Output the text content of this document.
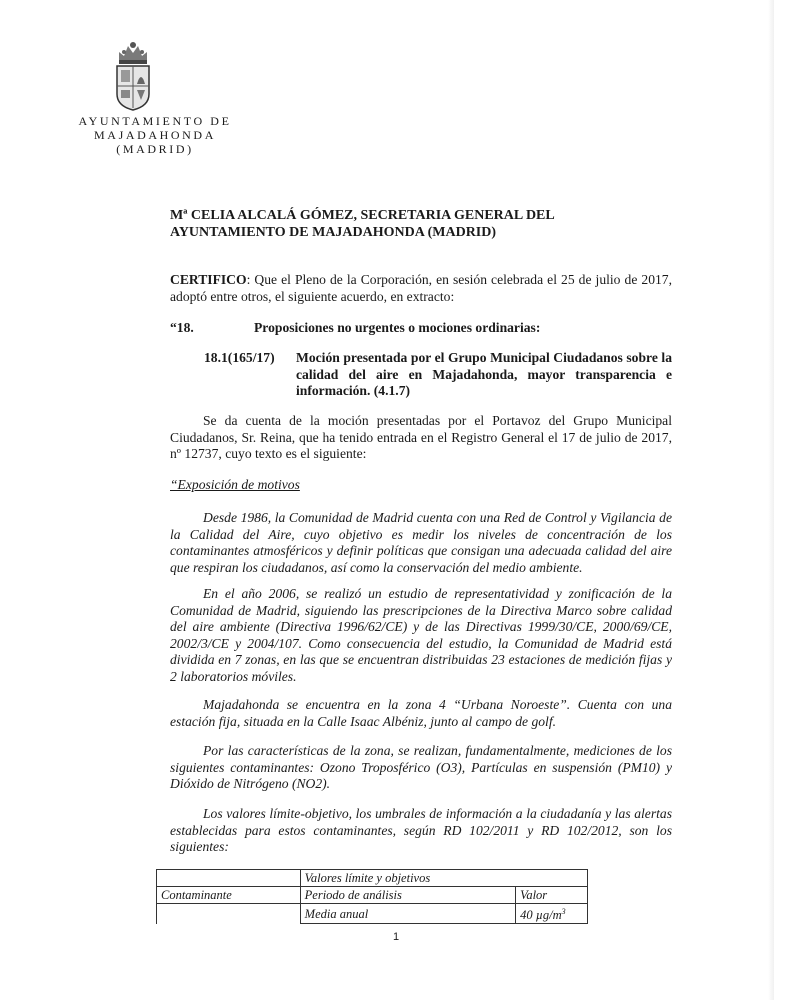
AYUNTAMIENTO DE
MAJADAHONDA
(MADRID)
Mª CELIA ALCALÁ GÓMEZ, SECRETARIA GENERAL DEL AYUNTAMIENTO DE MAJADAHONDA (MADRID)
CERTIFICO: Que el Pleno de la Corporación, en sesión celebrada el 25 de julio de 2017, adoptó entre otros, el siguiente acuerdo, en extracto:
“18.	Proposiciones no urgentes o mociones ordinarias:
18.1(165/17) Moción presentada por el Grupo Municipal Ciudadanos sobre la calidad del aire en Majadahonda, mayor transparencia e información. (4.1.7)
Se da cuenta de la moción presentadas por el Portavoz del Grupo Municipal Ciudadanos, Sr. Reina, que ha tenido entrada en el Registro General el 17 de julio de 2017, nº 12737, cuyo texto es el siguiente:
“Exposición de motivos
Desde 1986, la Comunidad de Madrid cuenta con una Red de Control y Vigilancia de la Calidad del Aire, cuyo objetivo es medir los niveles de concentración de los contaminantes atmosféricos y definir políticas que consigan una adecuada calidad del aire que respiran los ciudadanos, así como la conservación del medio ambiente.
En el año 2006, se realizó un estudio de representatividad y zonificación de la Comunidad de Madrid, siguiendo las prescripciones de la Directiva Marco sobre calidad del aire ambiente (Directiva 1996/62/CE) y de las Directivas 1999/30/CE, 2000/69/CE, 2002/3/CE y 2004/107. Como consecuencia del estudio, la Comunidad de Madrid está dividida en 7 zonas, en las que se encuentran distribuidas 23 estaciones de medición fijas y 2 laboratorios móviles.
Majadahonda se encuentra en la zona 4 “Urbana Noroeste”. Cuenta con una estación fija, situada en la Calle Isaac Albéniz, junto al campo de golf.
Por las características de la zona, se realizan, fundamentalmente, mediciones de los siguientes contaminantes: Ozono Troposférico (O3), Partículas en suspensión (PM10) y Dióxido de Nitrógeno (NO2).
Los valores límite-objetivo, los umbrales de información a la ciudadanía y las alertas establecidas para estos contaminantes, según RD 102/2011 y RD 102/2012, son los siguientes:
	Valores límite y objetivos	
Contaminante	Periodo de análisis	Valor
	Media anual	40 $\mu g/m^3$
1
